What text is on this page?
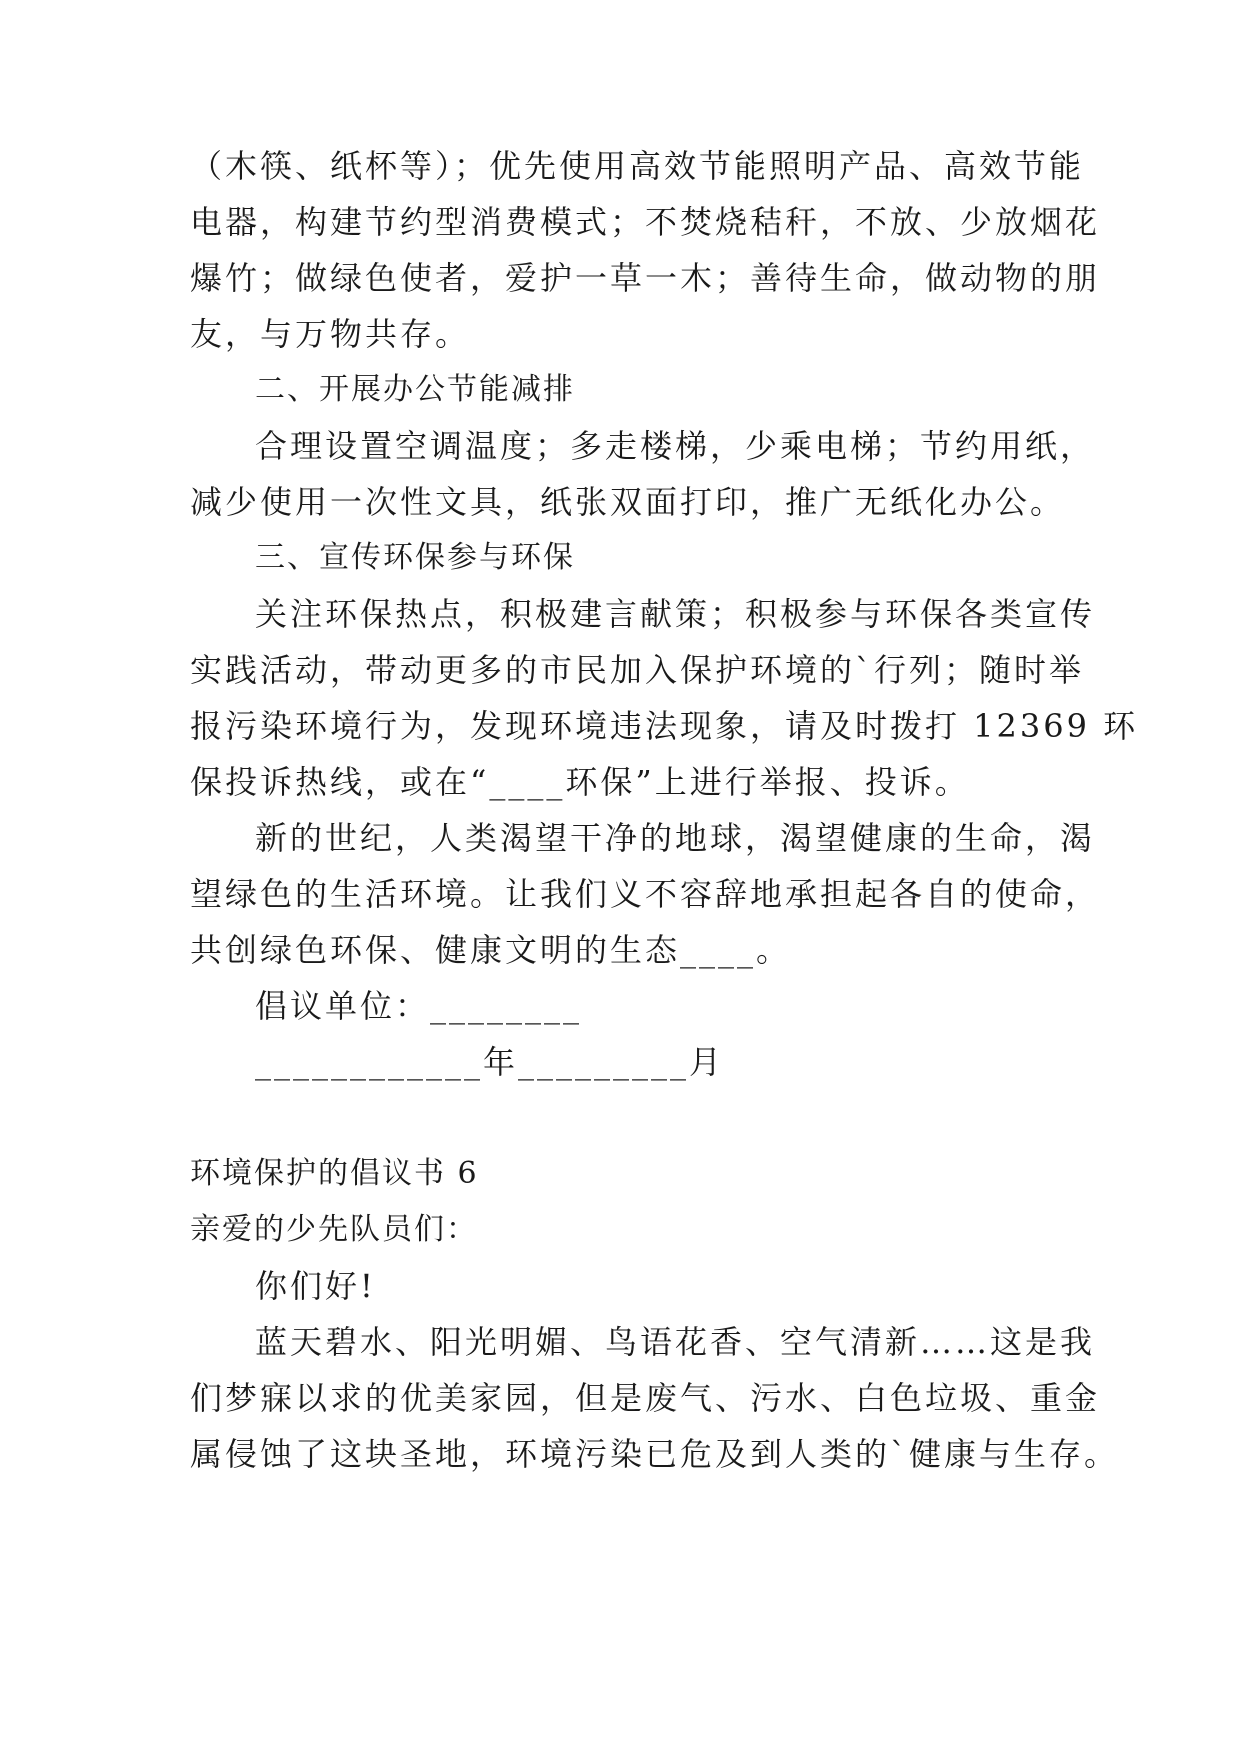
（木筷、纸杯等）；优先使用高效节能照明产品、高效节能
电器，构建节约型消费模式；不焚烧秸秆，不放、少放烟花
爆竹；做绿色使者，爱护一草一木；善待生命，做动物的朋
友，与万物共存。
二、开展办公节能减排
合理设置空调温度；多走楼梯，少乘电梯；节约用纸，
减少使用一次性文具，纸张双面打印，推广无纸化办公。
三、宣传环保参与环保
关注环保热点，积极建言献策；积极参与环保各类宣传
实践活动，带动更多的市民加入保护环境的`行列；随时举
报污染环境行为，发现环境违法现象，请及时拨打 12369 环
保投诉热线，或在“____环保”上进行举报、投诉。
新的世纪，人类渴望干净的地球，渴望健康的生命，渴
望绿色的生活环境。让我们义不容辞地承担起各自的使命，
共创绿色环保、健康文明的生态____。
倡议单位：________
____________年_________月
环境保护的倡议书 6
亲爱的少先队员们：
你们好!
蓝天碧水、阳光明媚、鸟语花香、空气清新……这是我
们梦寐以求的优美家园，但是废气、污水、白色垃圾、重金
属侵蚀了这块圣地，环境污染已危及到人类的`健康与生存。
